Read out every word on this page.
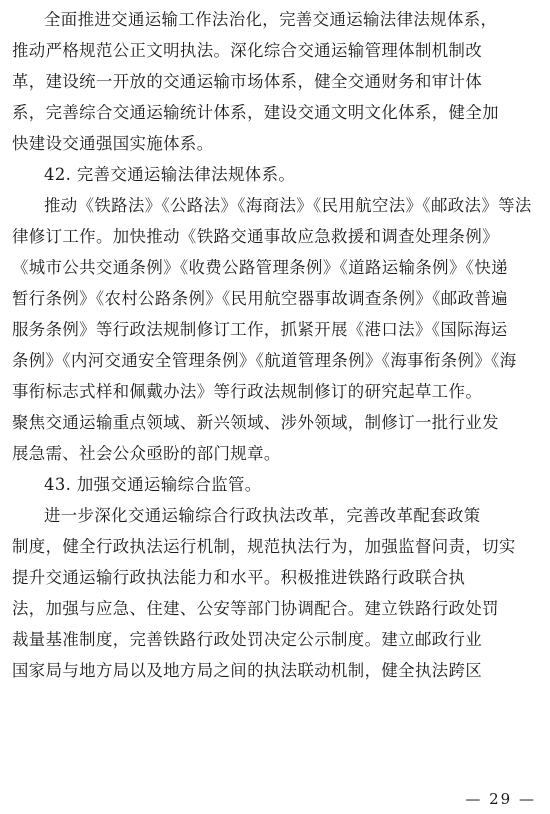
全面推进交通运输工作法治化，完善交通运输法律法规体系，
推动严格规范公正文明执法。深化综合交通运输管理体制机制改
革，建设统一开放的交通运输市场体系，健全交通财务和审计体
系，完善综合交通运输统计体系，建设交通文明文化体系，健全加
快建设交通强国实施体系。
42. 完善交通运输法律法规体系。
推动《铁路法》《公路法》《海商法》《民用航空法》《邮政法》等法
律修订工作。加快推动《铁路交通事故应急救援和调查处理条例》
《城市公共交通条例》《收费公路管理条例》《道路运输条例》《快递
暂行条例》《农村公路条例》《民用航空器事故调查条例》《邮政普遍
服务条例》等行政法规制修订工作，抓紧开展《港口法》《国际海运
条例》《内河交通安全管理条例》《航道管理条例》《海事衔条例》《海
事衔标志式样和佩戴办法》等行政法规制修订的研究起草工作。
聚焦交通运输重点领域、新兴领域、涉外领域，制修订一批行业发
展急需、社会公众亟盼的部门规章。
43. 加强交通运输综合监管。
进一步深化交通运输综合行政执法改革，完善改革配套政策
制度，健全行政执法运行机制，规范执法行为，加强监督问责，切实
提升交通运输行政执法能力和水平。积极推进铁路行政联合执
法，加强与应急、住建、公安等部门协调配合。建立铁路行政处罚
裁量基准制度，完善铁路行政处罚决定公示制度。建立邮政行业
国家局与地方局以及地方局之间的执法联动机制，健全执法跨区
— 29 —
